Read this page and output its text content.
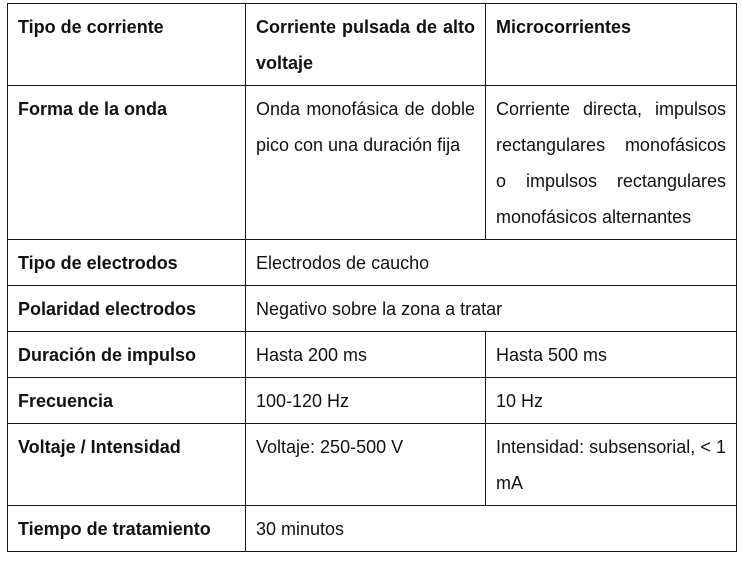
Tipo de corriente	Corriente pulsada de alto voltaje	Microcorrientes
Forma de la onda	Onda monofásica de doble pico con una duración fija	Corriente directa, impulsos rectangulares monofásicos o impulsos rectangulares monofásicos alternantes
Tipo de electrodos	Electrodos de caucho	
Polaridad electrodos	Negativo sobre la zona a tratar	
Duración de impulso	Hasta 200 ms	Hasta 500 ms
Frecuencia	100-120 Hz	10 Hz
Voltaje / Intensidad	Voltaje: 250-500 V	Intensidad: subsensorial, < 1 mA
Tiempo de tratamiento	30 minutos	
